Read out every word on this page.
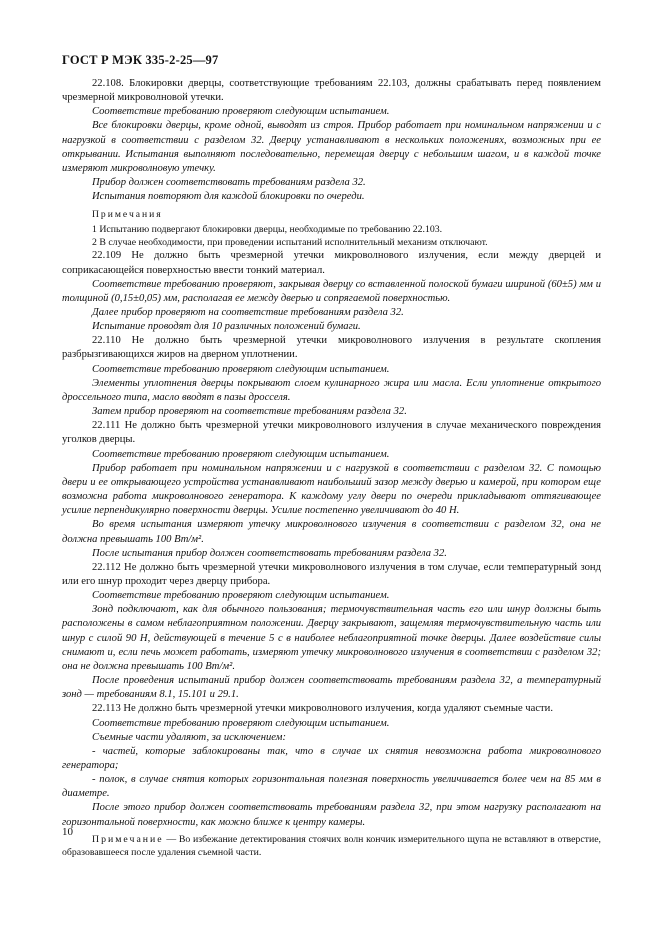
ГОСТ Р МЭК 335-2-25—97

22.108. Блокировки дверцы, соответствующие требованиям 22.103, должны срабатывать перед появлением чрезмерной микроволновой утечки.

Соответствие требованию проверяют следующим испытанием.

Все блокировки дверцы, кроме одной, выводят из строя. Прибор работает при номинальном напряжении и с нагрузкой в соответствии с разделом 32. Дверцу устанавливают в нескольких положениях, возможных при ее открывании. Испытания выполняют последовательно, перемещая дверцу с небольшим шагом, и в каждой точке измеряют микроволновую утечку.

Прибор должен соответствовать требованиям раздела 32.

Испытания повторяют для каждой блокировки по очереди.

Примечания

1 Испытанию подвергают блокировки дверцы, необходимые по требованию 22.103.

2 В случае необходимости, при проведении испытаний исполнительный механизм отключают.

22.109 Не должно быть чрезмерной утечки микроволнового излучения, если между дверцей и соприкасающейся поверхностью ввести тонкий материал.

Соответствие требованию проверяют, закрывая дверцу со вставленной полоской бумаги шириной (60±5) мм и толщиной (0,15±0,05) мм, располагая ее между дверью и сопрягаемой поверхностью.

Далее прибор проверяют на соответствие требованиям раздела 32.

Испытание проводят для 10 различных положений бумаги.

22.110 Не должно быть чрезмерной утечки микроволнового излучения в результате скопления разбрызгивающихся жиров на дверном уплотнении.

Соответствие требованию проверяют следующим испытанием.

Элементы уплотнения дверцы покрывают слоем кулинарного жира или масла. Если уплотнение открытого дроссельного типа, масло вводят в пазы дросселя.

Затем прибор проверяют на соответствие требованиям раздела 32.

22.111 Не должно быть чрезмерной утечки микроволнового излучения в случае механического повреждения уголков дверцы.

Соответствие требованию проверяют следующим испытанием.

Прибор работает при номинальном напряжении и с нагрузкой в соответствии с разделом 32. С помощью двери и ее открывающего устройства устанавливают наибольший зазор между дверью и камерой, при котором еще возможна работа микроволнового генератора. К каждому углу двери по очереди прикладывают оттягивающее усилие перпендикулярно поверхности дверцы. Усилие постепенно увеличивают до 40 Н.

Во время испытания измеряют утечку микроволнового излучения в соответствии с разделом 32, она не должна превышать 100 Вт/м².

После испытания прибор должен соответствовать требованиям раздела 32.

22.112 Не должно быть чрезмерной утечки микроволнового излучения в том случае, если температурный зонд или его шнур проходит через дверцу прибора.

Соответствие требованию проверяют следующим испытанием.

Зонд подключают, как для обычного пользования; термочувствительная часть его или шнур должны быть расположены в самом неблагоприятном положении. Дверцу закрывают, защемляя термочувствительную часть или шнур с силой 90 Н, действующей в течение 5 с в наиболее неблагоприятной точке дверцы. Далее воздействие силы снимают и, если печь может работать, измеряют утечку микроволнового излучения в соответствии с разделом 32; она не должна превышать 100 Вт/м².

После проведения испытаний прибор должен соответствовать требованиям раздела 32, а температурный зонд — требованиям 8.1, 15.101 и 29.1.

22.113 Не должно быть чрезмерной утечки микроволнового излучения, когда удаляют съемные части.

Соответствие требованию проверяют следующим испытанием.

Съемные части удаляют, за исключением:

- частей, которые заблокированы так, что в случае их снятия невозможна работа микроволнового генератора;

- полок, в случае снятия которых горизонтальная полезная поверхность увеличивается более чем на 85 мм в диаметре.

После этого прибор должен соответствовать требованиям раздела 32, при этом нагрузку располагают на горизонтальной поверхности, как можно ближе к центру камеры.

Примечание — Во избежание детектирования стоячих волн кончик измерительного щупа не вставляют в отверстие, образовавшееся после удаления съемной части.

10
